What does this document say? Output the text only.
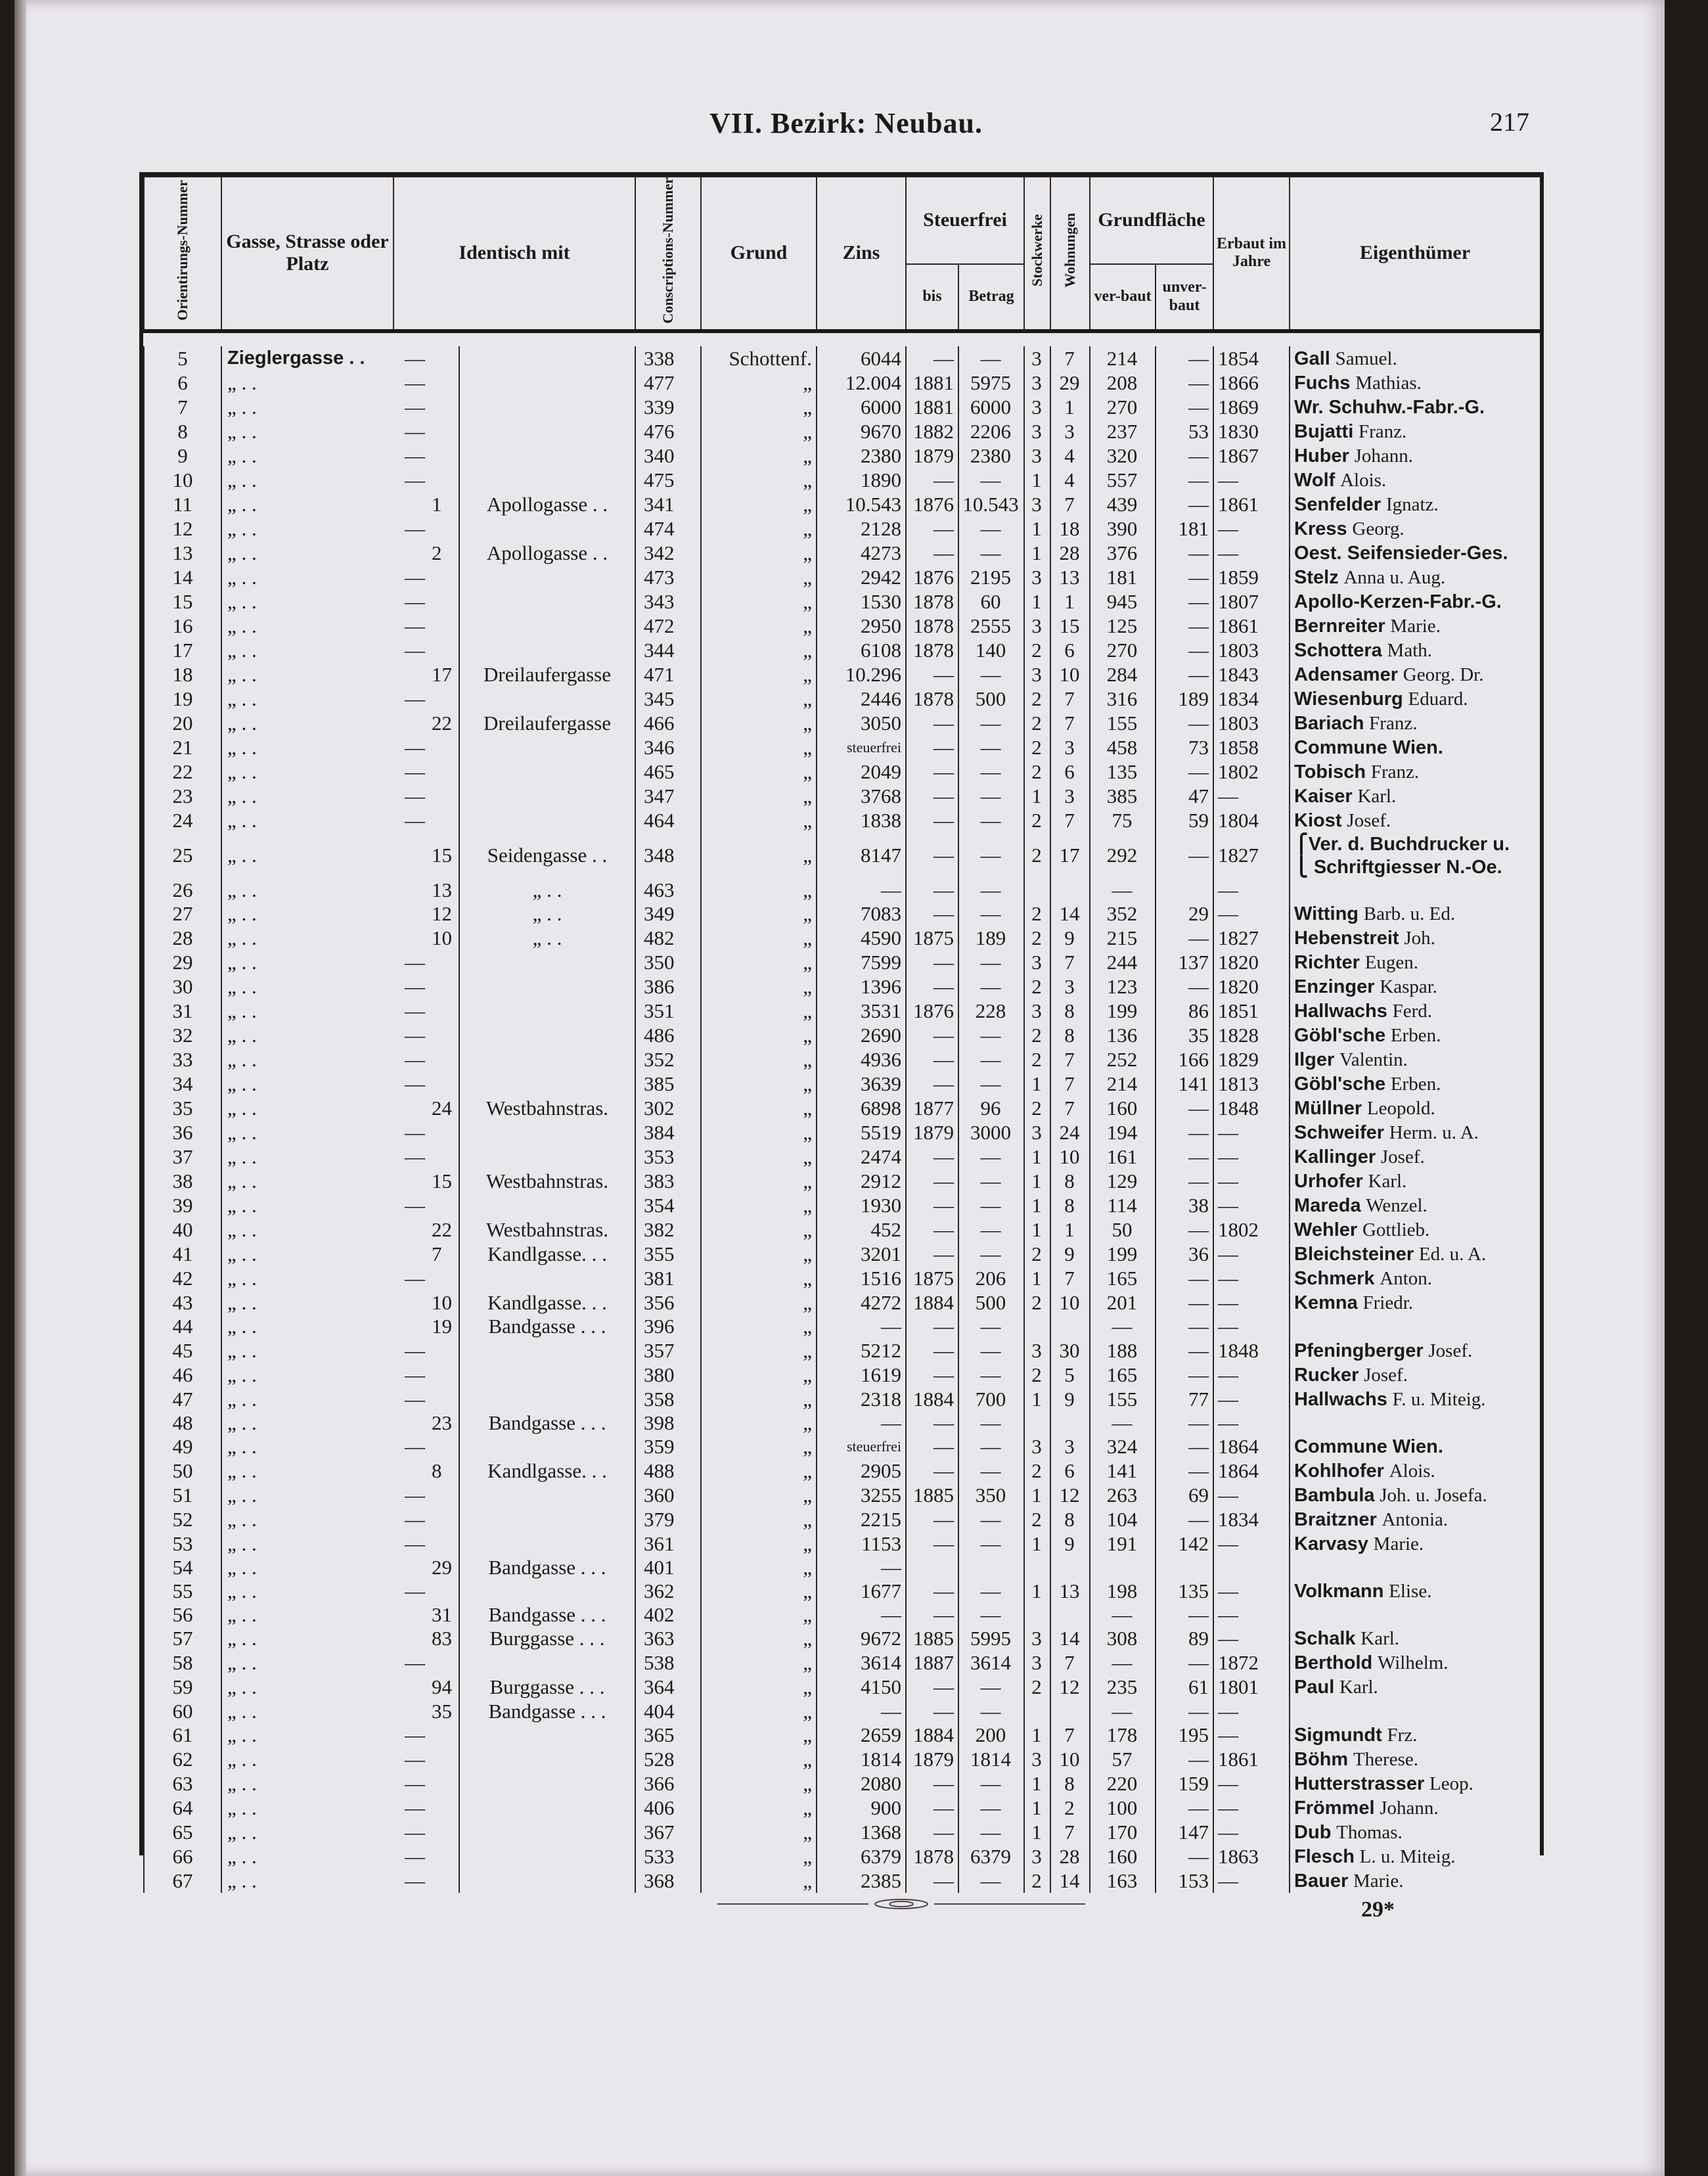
VII. Bezirk: Neubau.	217
Orientirungs-Nummer	Gasse, Strasse oder Platz	Identisch mit			Conscriptions-Nummer	Grund	Zins	Steuerfrei		Stockwerke	Wohnungen	Grundfläche		Erbaut im Jahre	Eigenthümer
								bis	Betrag			ver-baut	unver-baut		

5	Zieglergasse . .	—			338	Schottenf.	6044	—	—	3	7	214	—	1854	Gall Samuel.
6	„ . .	—			477	„	12.004	1881	5975	3	29	208	—	1866	Fuchs Mathias.
7	„ . .	—			339	„	6000	1881	6000	3	1	270	—	1869	Wr. Schuhw.-Fabr.-G.
8	„ . .	—			476	„	9670	1882	2206	3	3	237	53	1830	Bujatti Franz.
9	„ . .	—			340	„	2380	1879	2380	3	4	320	—	1867	Huber Johann.
10	„ . .	—			475	„	1890	—	—	1	4	557	—	—	Wolf Alois.
11	„ . .		1	Apollogasse . .	341	„	10.543	1876	10.543	3	7	439	—	1861	Senfelder Ignatz.
12	„ . .	—			474	„	2128	—	—	1	18	390	181	—	Kress Georg.
13	„ . .		2	Apollogasse . .	342	„	4273	—	—	1	28	376	—	—	Oest. Seifensieder-Ges.
14	„ . .	—			473	„	2942	1876	2195	3	13	181	—	1859	Stelz Anna u. Aug.
15	„ . .	—			343	„	1530	1878	60	1	1	945	—	1807	Apollo-Kerzen-Fabr.-G.
16	„ . .	—			472	„	2950	1878	2555	3	15	125	—	1861	Bernreiter Marie.
17	„ . .	—			344	„	6108	1878	140	2	6	270	—	1803	Schottera Math.
18	„ . .		17	Dreilaufergasse	471	„	10.296	—	—	3	10	284	—	1843	Adensamer Georg. Dr.
19	„ . .	—			345	„	2446	1878	500	2	7	316	189	1834	Wiesenburg Eduard.
20	„ . .		22	Dreilaufergasse	466	„	3050	—	—	2	7	155	—	1803	Bariach Franz.
21	„ . .	—			346	„	steuerfrei	—	—	2	3	458	73	1858	Commune Wien.
22	„ . .	—			465	„	2049	—	—	2	6	135	—	1802	Tobisch Franz.
23	„ . .	—			347	„	3768	—	—	1	3	385	47	—	Kaiser Karl.
24	„ . .	—			464	„	1838	—	—	2	7	75	59	1804	Kiost Josef.
25	„ . .		15	Seidengasse . .	348	„	8147	—	—	2	17	292	—	1827	⎧Ver. d. Buchdrucker u.
⎩ Schriftgiesser N.-Oe.
26	„ . .		13	„ . .	463	„	—	—	—			—		—	
27	„ . .		12	„ . .	349	„	7083	—	—	2	14	352	29	—	Witting Barb. u. Ed.
28	„ . .		10	„ . .	482	„	4590	1875	189	2	9	215	—	1827	Hebenstreit Joh.
29	„ . .	—			350	„	7599	—	—	3	7	244	137	1820	Richter Eugen.
30	„ . .	—			386	„	1396	—	—	2	3	123	—	1820	Enzinger Kaspar.
31	„ . .	—			351	„	3531	1876	228	3	8	199	86	1851	Hallwachs Ferd.
32	„ . .	—			486	„	2690	—	—	2	8	136	35	1828	Göbl'sche Erben.
33	„ . .	—			352	„	4936	—	—	2	7	252	166	1829	Ilger Valentin.
34	„ . .	—			385	„	3639	—	—	1	7	214	141	1813	Göbl'sche Erben.
35	„ . .		24	Westbahnstras.	302	„	6898	1877	96	2	7	160	—	1848	Müllner Leopold.
36	„ . .	—			384	„	5519	1879	3000	3	24	194	—	—	Schweifer Herm. u. A.
37	„ . .	—			353	„	2474	—	—	1	10	161	—	—	Kallinger Josef.
38	„ . .		15	Westbahnstras.	383	„	2912	—	—	1	8	129	—	—	Urhofer Karl.
39	„ . .	—			354	„	1930	—	—	1	8	114	38	—	Mareda Wenzel.
40	„ . .		22	Westbahnstras.	382	„	452	—	—	1	1	50	—	1802	Wehler Gottlieb.
41	„ . .		7	Kandlgasse. . .	355	„	3201	—	—	2	9	199	36	—	Bleichsteiner Ed. u. A.
42	„ . .	—			381	„	1516	1875	206	1	7	165	—	—	Schmerk Anton.
43	„ . .		10	Kandlgasse. . .	356	„	4272	1884	500	2	10	201	—	—	Kemna Friedr.
44	„ . .		19	Bandgasse . . .	396	„	—	—	—			—	—	—	
45	„ . .	—			357	„	5212	—	—	3	30	188	—	1848	Pfeningberger Josef.
46	„ . .	—			380	„	1619	—	—	2	5	165	—	—	Rucker Josef.
47	„ . .	—			358	„	2318	1884	700	1	9	155	77	—	Hallwachs F. u. Miteig.
48	„ . .		23	Bandgasse . . .	398	„	—	—	—			—	—	—	
49	„ . .	—			359	„	steuerfrei	—	—	3	3	324	—	1864	Commune Wien.
50	„ . .		8	Kandlgasse. . .	488	„	2905	—	—	2	6	141	—	1864	Kohlhofer Alois.
51	„ . .	—			360	„	3255	1885	350	1	12	263	69	—	Bambula Joh. u. Josefa.
52	„ . .	—			379	„	2215	—	—	2	8	104	—	1834	Braitzner Antonia.
53	„ . .	—			361	„	1153	—	—	1	9	191	142	—	Karvasy Marie.
54	„ . .		29	Bandgasse . . .	401	„	—								
55	„ . .	—			362	„	1677	—	—	1	13	198	135	—	Volkmann Elise.
56	„ . .		31	Bandgasse . . .	402	„	—	—	—			—	—	—	
57	„ . .		83	Burggasse . . .	363	„	9672	1885	5995	3	14	308	89	—	Schalk Karl.
58	„ . .	—			538	„	3614	1887	3614	3	7	—	—	1872	Berthold Wilhelm.
59	„ . .		94	Burggasse . . .	364	„	4150	—	—	2	12	235	61	1801	Paul Karl.
60	„ . .		35	Bandgasse . . .	404	„	—	—	—			—	—	—	
61	„ . .	—			365	„	2659	1884	200	1	7	178	195	—	Sigmundt Frz.
62	„ . .	—			528	„	1814	1879	1814	3	10	57	—	1861	Böhm Therese.
63	„ . .	—			366	„	2080	—	—	1	8	220	159	—	Hutterstrasser Leop.
64	„ . .	—			406	„	900	—	—	1	2	100	—	—	Frömmel Johann.
65	„ . .	—			367	„	1368	—	—	1	7	170	147	—	Dub Thomas.
66	„ . .	—			533	„	6379	1878	6379	3	28	160	—	1863	Flesch L. u. Miteig.
67	„ . .	—			368	„	2385	—	—	2	14	163	153	—	Bauer Marie.
29*
